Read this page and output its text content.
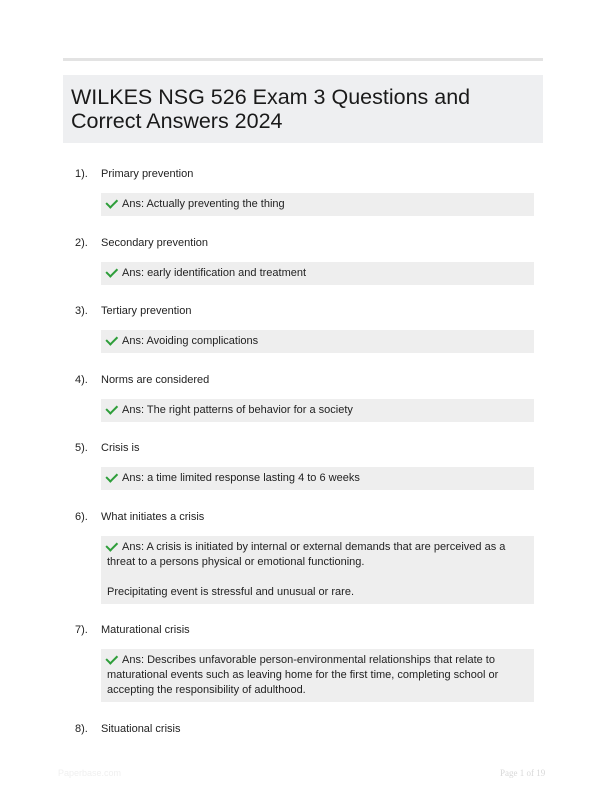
WILKES NSG 526 Exam 3 Questions and Correct Answers 2024
1). Primary prevention

Ans: Actually preventing the thing

2). Secondary prevention

Ans: early identification and treatment

3). Tertiary prevention

Ans: Avoiding complications

4). Norms are considered

Ans: The right patterns of behavior for a society

5). Crisis is

Ans: a time limited response lasting 4 to 6 weeks

6). What initiates a crisis

Ans: A crisis is initiated by internal or external demands that are perceived as a threat to a persons physical or emotional functioning.

Precipitating event is stressful and unusual or rare.

7). Maturational crisis

Ans: Describes unfavorable person-environmental relationships that relate to maturational events such as leaving home for the first time, completing school or accepting the responsibility of adulthood.

8). Situational crisis
Paperbase.com	Page 1 of 19
